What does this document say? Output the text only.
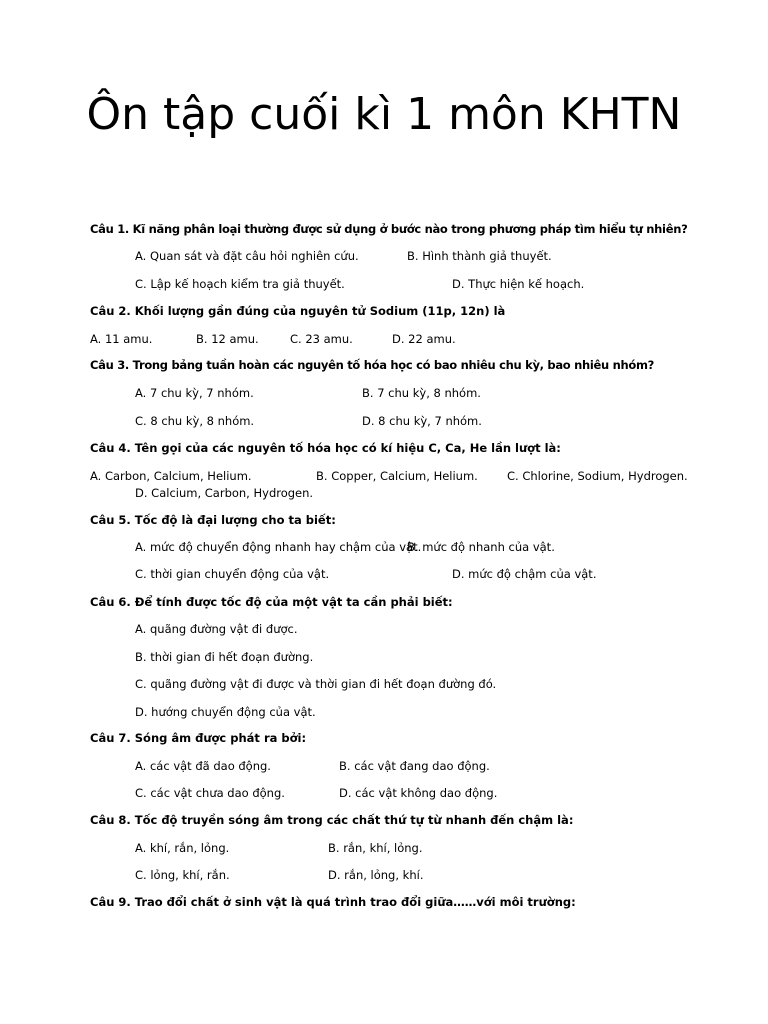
Ôn tập cuối kì 1 môn KHTN
Câu 1. Kĩ năng phân loại thường được sử dụng ở bước nào trong phương pháp tìm hiểu tự nhiên?
A. Quan sát và đặt câu hỏi nghiên cứu.	B. Hình thành giả thuyết.
C. Lập kế hoạch kiểm tra giả thuyết.	D. Thực hiện kế hoạch.
Câu 2. Khối lượng gần đúng của nguyên tử Sodium (11p, 12n) là
A. 11 amu.	B. 12 amu.	C. 23 amu.	D. 22 amu.
Câu 3. Trong bảng tuần hoàn các nguyên tố hóa học có bao nhiêu chu kỳ, bao nhiêu nhóm?
A. 7 chu kỳ, 7 nhóm.	B. 7 chu kỳ, 8 nhóm.
C. 8 chu kỳ, 8 nhóm.	D. 8 chu kỳ, 7 nhóm.
Câu 4. Tên gọi của các nguyên tố hóa học có kí hiệu C, Ca, He lần lượt là:
A. Carbon, Calcium, Helium.	B. Copper, Calcium, Helium.	C. Chlorine, Sodium, Hydrogen.
D. Calcium, Carbon, Hydrogen.
Câu 5. Tốc độ là đại lượng cho ta biết:
A. mức độ chuyển động nhanh hay chậm của vật.
B. mức độ nhanh của vật.
C. thời gian chuyển động của vật.	D. mức độ chậm của vật.
Câu 6. Để tính được tốc độ của một vật ta cần phải biết:
A. quãng đường vật đi được.
B. thời gian đi hết đoạn đường.
C. quãng đường vật đi được và thời gian đi hết đoạn đường đó.
D. hướng chuyển động của vật.
Câu 7. Sóng âm được phát ra bởi:
A. các vật đã dao động.	B. các vật đang dao động.
C. các vật chưa dao động.	D. các vật không dao động.
Câu 8. Tốc độ truyền sóng âm trong các chất thứ tự từ nhanh đến chậm là:
A. khí, rắn, lỏng.	B. rắn, khí, lỏng.
C. lỏng, khí, rắn.	D. rắn, lỏng, khí.
Câu 9. Trao đổi chất ở sinh vật là quá trình trao đổi giữa……với môi trường:
